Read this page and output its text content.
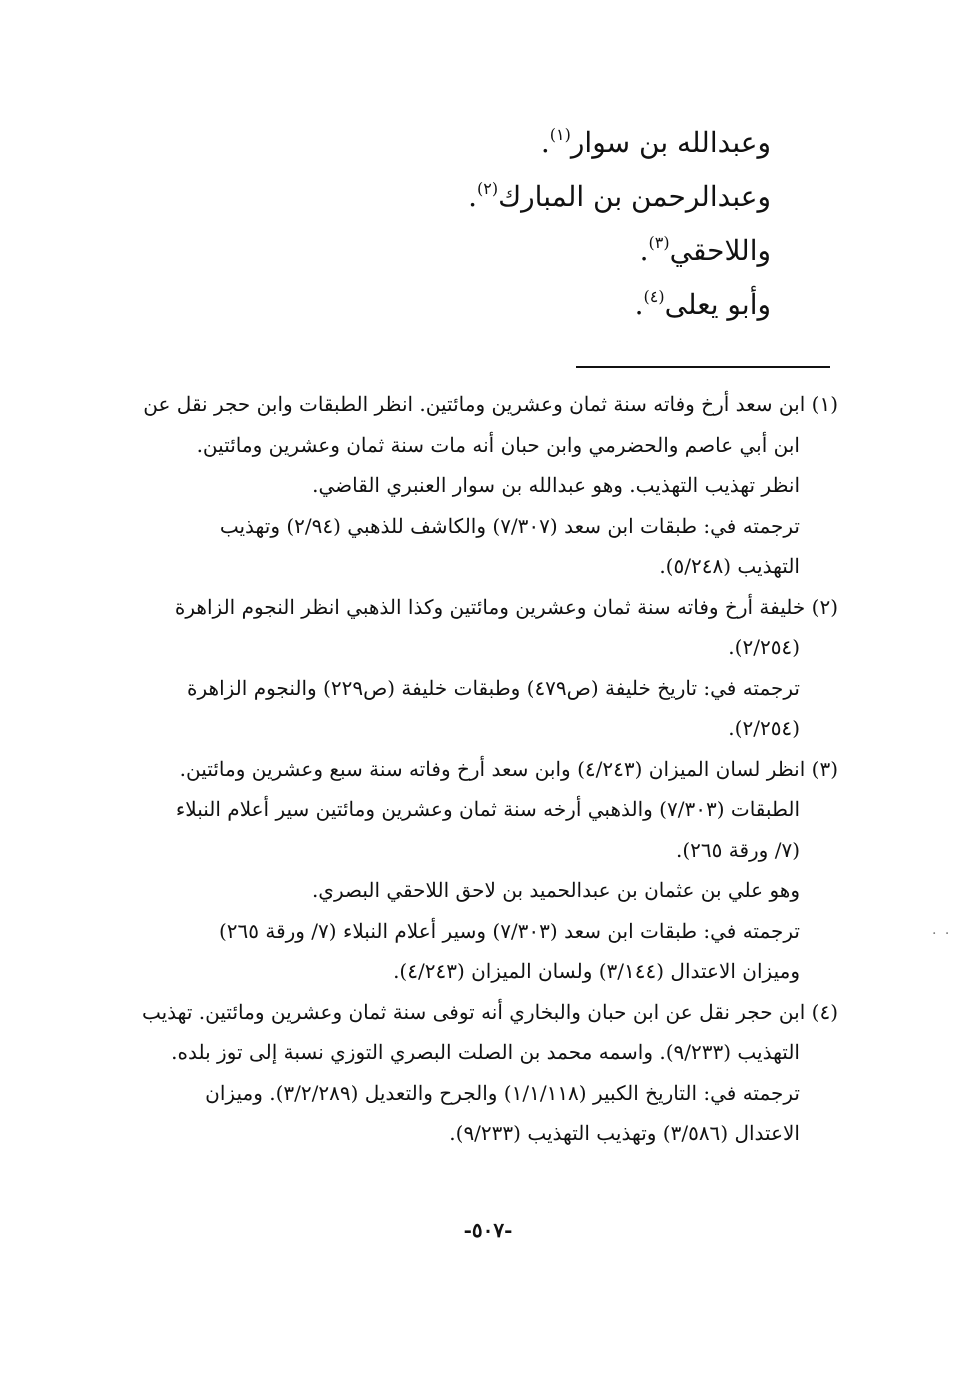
وعبدالله بن سوار$^{(١)}$.
وعبدالرحمن بن المبارك$^{(٢)}$.
واللاحقي$^{(٣)}$.
وأبو يعلى$^{(٤)}$.
(١) ابن سعد أرخ وفاته سنة ثمان وعشرين ومائتين. انظر الطبقات وابن حجر نقل عن
ابن أبي عاصم والحضرمي وابن حبان أنه مات سنة ثمان وعشرين ومائتين.
انظر تهذيب التهذيب. وهو عبدالله بن سوار العنبري القاضي.
ترجمته في: طبقات ابن سعد (٧/٣٠٧) والكاشف للذهبي (٢/٩٤) وتهذيب
التهذيب (٥/٢٤٨).
(٢) خليفة أرخ وفاته سنة ثمان وعشرين ومائتين وكذا الذهبي انظر النجوم الزاهرة
(٢/٢٥٤).
ترجمته في: تاريخ خليفة (ص٤٧٩) وطبقات خليفة (ص٢٢٩) والنجوم الزاهرة
(٢/٢٥٤).
(٣) انظر لسان الميزان (٤/٢٤٣) وابن سعد أرخ وفاته سنة سبع وعشرين ومائتين.
الطبقات (٧/٣٠٣) والذهبي أرخه سنة ثمان وعشرين ومائتين سير أعلام النبلاء
(٧/ ورقة ٢٦٥).
وهو علي بن عثمان بن عبدالحميد بن لاحق اللاحقي البصري.
ترجمته في: طبقات ابن سعد (٧/٣٠٣) وسير أعلام النبلاء (٧/ ورقة ٢٦٥)
وميزان الاعتدال (٣/١٤٤) ولسان الميزان (٤/٢٤٣).
(٤) ابن حجر نقل عن ابن حبان والبخاري أنه توفى سنة ثمان وعشرين ومائتين. تهذيب
التهذيب (٩/٢٣٣). واسمه محمد بن الصلت البصري التوزي نسبة إلى توز بلده.
ترجمته في: التاريخ الكبير (١/١/١١٨) والجرح والتعديل (٣/٢/٢٨٩). وميزان
الاعتدال (٣/٥٨٦) وتهذيب التهذيب (٩/٢٣٣).
· ·
-٥٠٧-
